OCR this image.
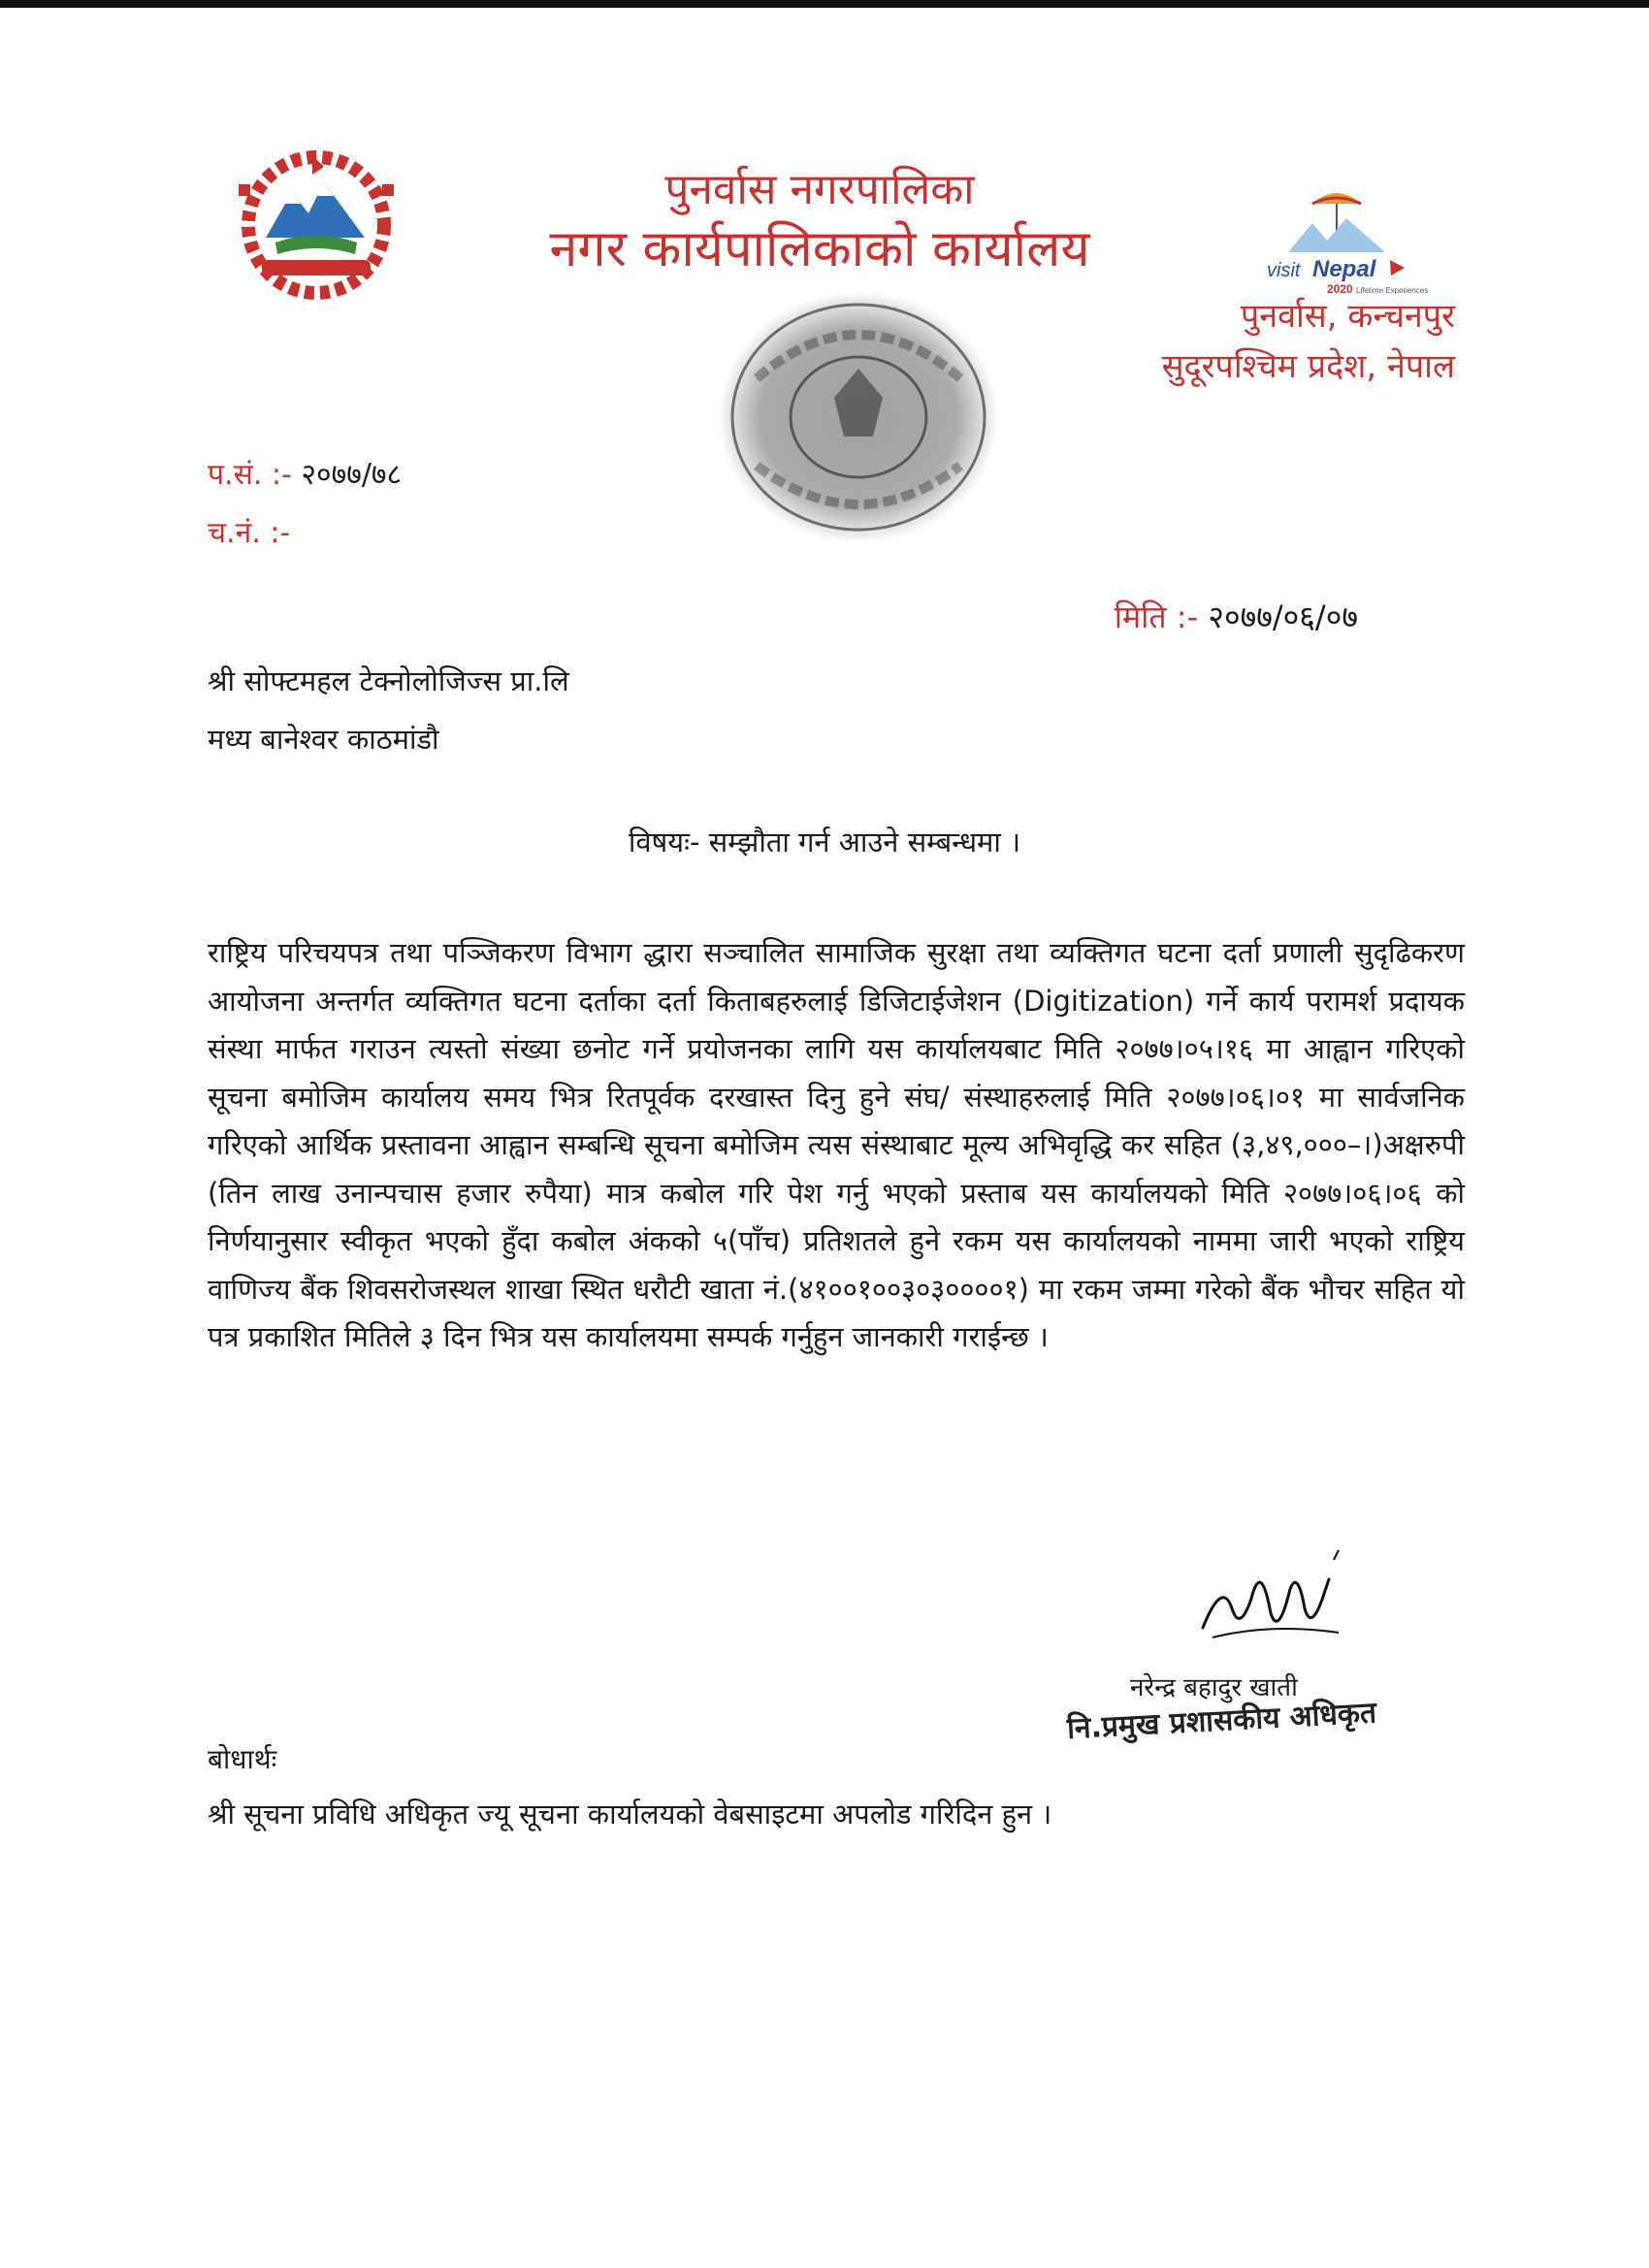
पुनर्वास नगरपालिका
नगर कार्यपालिकाको कार्यालय	visit Nepal
2020 Lifetime Experiences
पुनर्वास, कन्चनपुर
सुदूरपश्चिम प्रदेश, नेपाल
प.सं. :- २०७७/७८
च.नं. :-
मिति :- २०७७/०६/०७
श्री सोफ्टमहल टेक्नोलोजिज्स प्रा.लि
मध्य बानेश्वर काठमांडौ
विषयः- सम्झौता गर्न आउने सम्बन्धमा ।
राष्ट्रिय परिचयपत्र तथा पञ्जिकरण विभाग द्धारा सञ्चालित सामाजिक सुरक्षा तथा व्यक्तिगत घटना दर्ता प्रणाली सुदृढिकरण आयोजना अन्तर्गत व्यक्तिगत घटना दर्ताका दर्ता किताबहरुलाई डिजिटाईजेशन (Digitization) गर्ने कार्य परामर्श प्रदायक संस्था मार्फत गराउन त्यस्तो संख्या छनोट गर्ने प्रयोजनका लागि यस कार्यालयबाट मिति २०७७।०५।१६ मा आह्वान गरिएको सूचना बमोजिम कार्यालय समय भित्र रितपूर्वक दरखास्त दिनु हुने संघ/ संस्थाहरुलाई मिति २०७७।०६।०१ मा सार्वजनिक गरिएको आर्थिक प्रस्तावना आह्वान सम्बन्धि सूचना बमोजिम त्यस संस्थाबाट मूल्य अभिवृद्धि कर सहित (३,४९,०००–।)अक्षरुपी (तिन लाख उनान्पचास हजार रुपैया) मात्र कबोल गरि पेश गर्नु भएको प्रस्ताब यस कार्यालयको मिति २०७७।०६।०६ को निर्णयानुसार स्वीकृत भएको हुँदा कबोल अंकको ५(पाँच) प्रतिशतले हुने रकम यस कार्यालयको नाममा जारी भएको राष्ट्रिय वाणिज्य बैंक शिवसरोजस्थल शाखा स्थित धरौटी खाता नं.(४१००१००३०३००००१) मा रकम जम्मा गरेको बैंक भौचर सहित यो पत्र प्रकाशित मितिले ३ दिन भित्र यस कार्यालयमा सम्पर्क गर्नुहुन जानकारी गराईन्छ ।
नरेन्द्र बहादुर खाती
नि.प्रमुख प्रशासकीय अधिकृत
बोधार्थः
श्री सूचना प्रविधि अधिकृत ज्यू सूचना कार्यालयको वेबसाइटमा अपलोड गरिदिन हुन ।
